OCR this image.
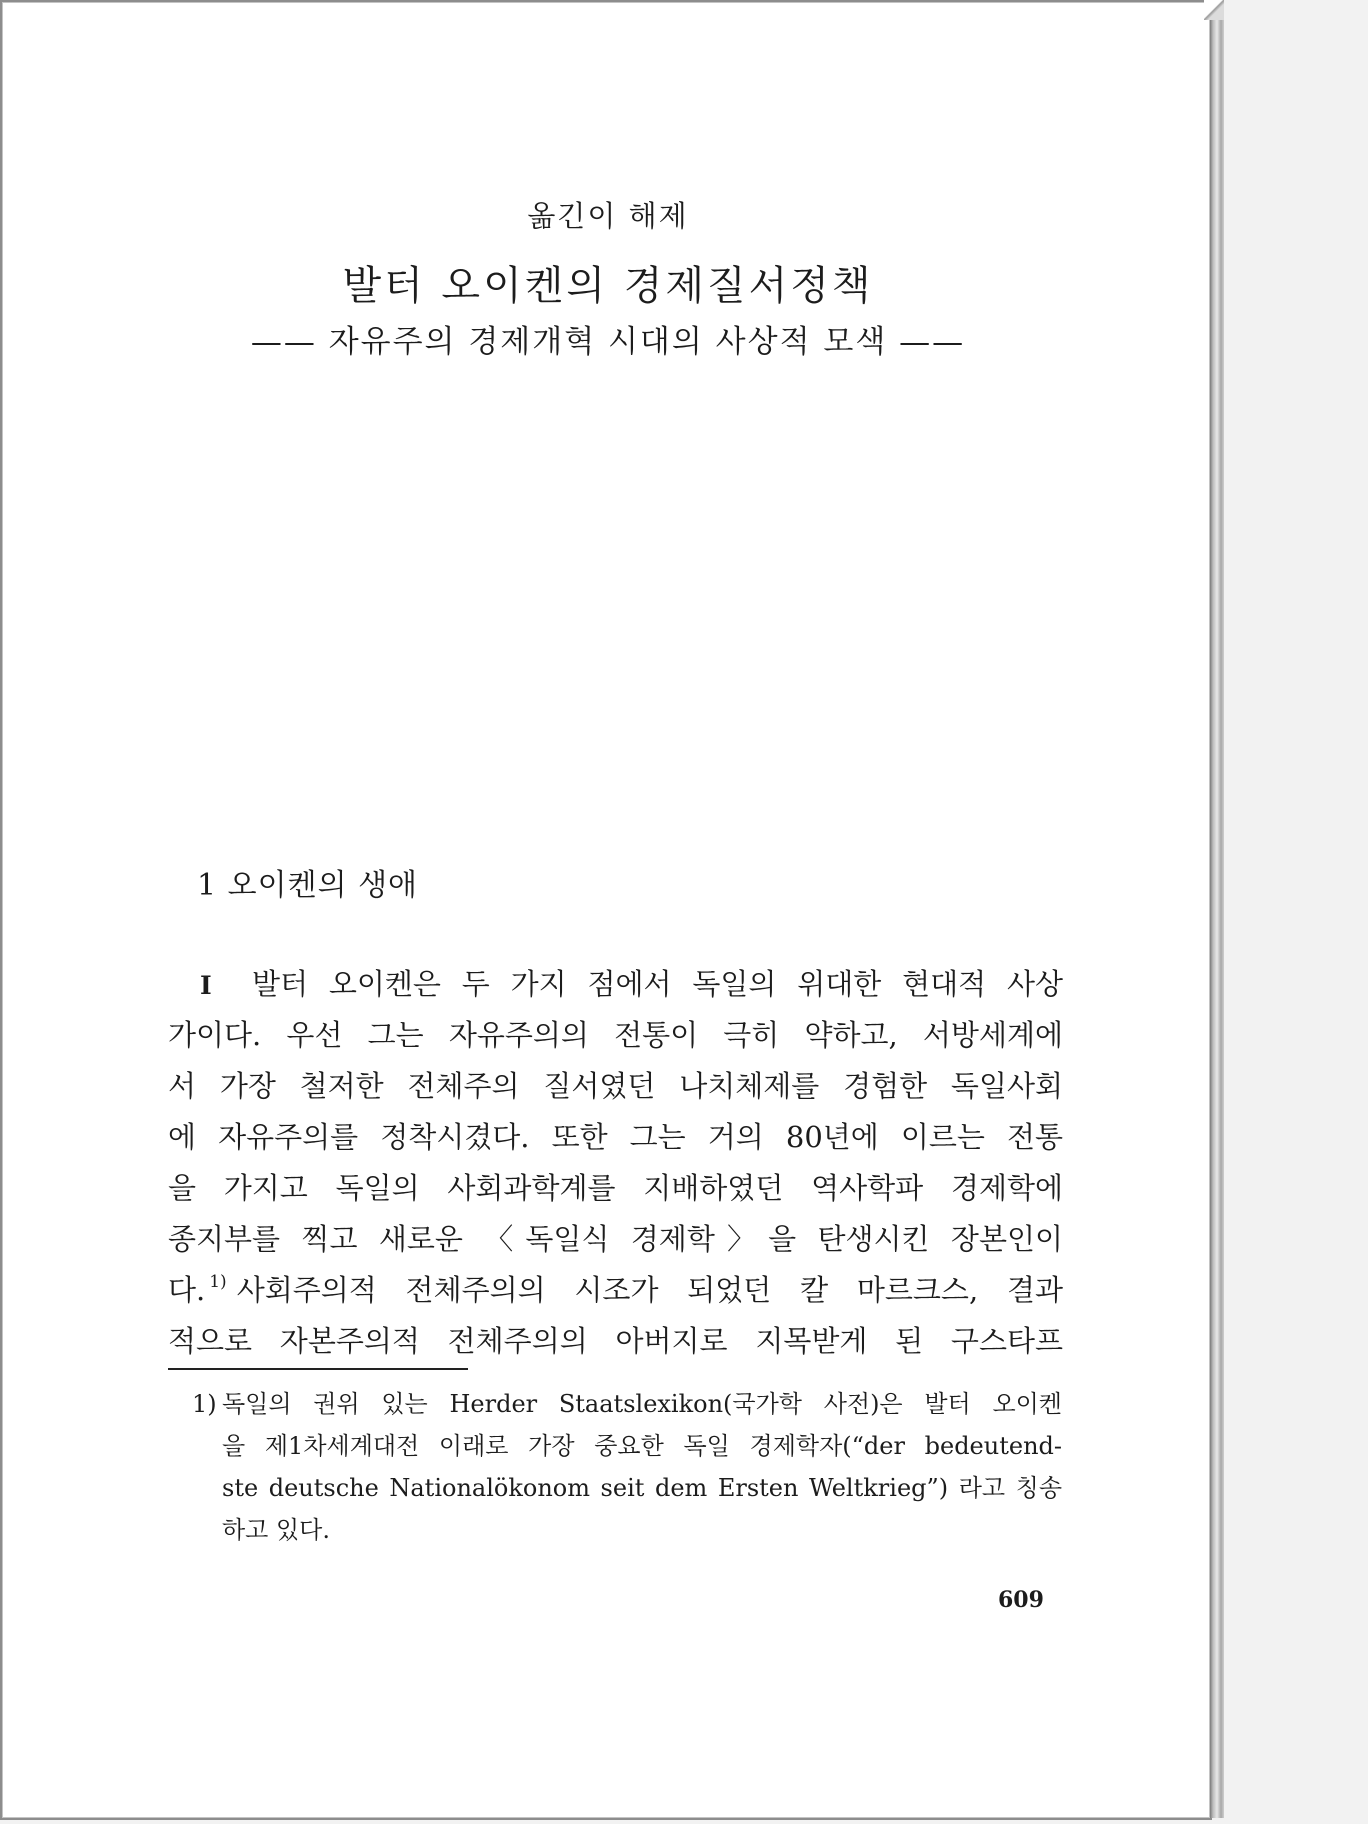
옮긴이 해제

발터 오이켄의 경제질서정책

—— 자유주의 경제개혁 시대의 사상적 모색 ——

1 오이켄의 생애

I 발터 오이켄은 두 가지 점에서 독일의 위대한 현대적 사상

가이다. 우선 그는 자유주의의 전통이 극히 약하고, 서방세계에

서 가장 철저한 전체주의 질서였던 나치체제를 경험한 독일사회

에 자유주의를 정착시겼다. 또한 그는 거의 80년에 이르는 전통

을 가지고 독일의 사회과학계를 지배하였던 역사학파 경제학에

종지부를 찍고 새로운 〈독일식 경제학〉을 탄생시킨 장본인이

다. $^{1)}$ 사회주의적 전체주의의 시조가 되었던 칼 마르크스, 결과

적으로 자본주의적 전체주의의 아버지로 지목받게 된 구스타프

1) 독일의 권위 있는 Herder Staatslexikon(국가학 사전)은 발터 오이켄

을 제1차세계대전 이래로 가장 중요한 독일 경제학자(“der bedeutend-

ste deutsche Nationalökonom seit dem Ersten Weltkrieg”) 라고 칭송

하고 있다.

609
